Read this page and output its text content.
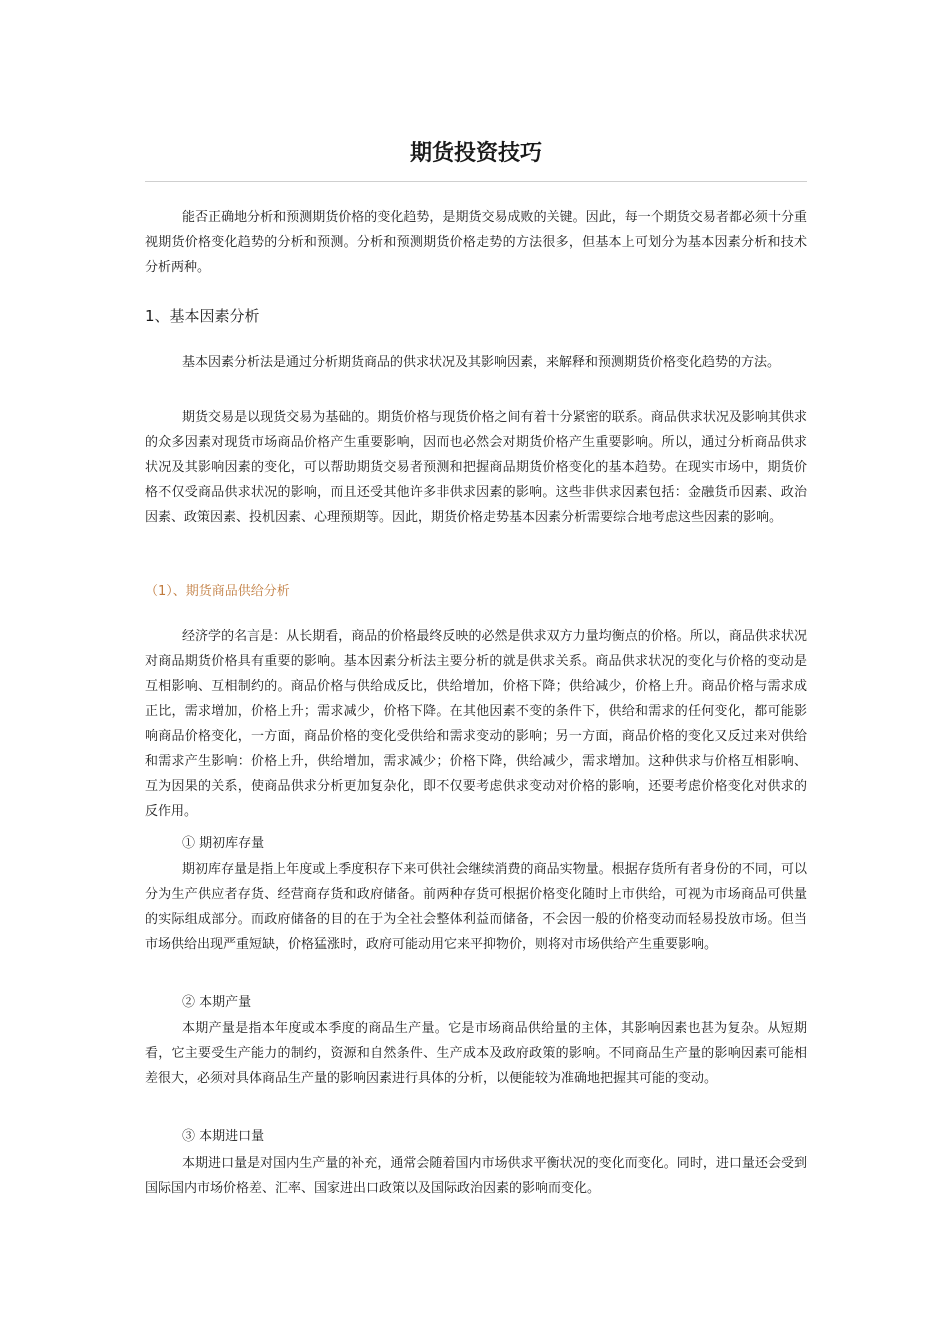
期货投资技巧

能否正确地分析和预测期货价格的变化趋势，是期货交易成败的关键。因此，每一个期货交易者都必须十分重视期货价格变化趋势的分析和预测。分析和预测期货价格走势的方法很多，但基本上可划分为基本因素分析和技术分析两种。

1、基本因素分析

基本因素分析法是通过分析期货商品的供求状况及其影响因素，来解释和预测期货价格变化趋势的方法。

期货交易是以现货交易为基础的。期货价格与现货价格之间有着十分紧密的联系。商品供求状况及影响其供求的众多因素对现货市场商品价格产生重要影响，因而也必然会对期货价格产生重要影响。所以，通过分析商品供求状况及其影响因素的变化，可以帮助期货交易者预测和把握商品期货价格变化的基本趋势。在现实市场中，期货价格不仅受商品供求状况的影响，而且还受其他许多非供求因素的影响。这些非供求因素包括：金融货币因素、政治因素、政策因素、投机因素、心理预期等。因此，期货价格走势基本因素分析需要综合地考虑这些因素的影响。

（1）、期货商品供给分析

经济学的名言是：从长期看，商品的价格最终反映的必然是供求双方力量均衡点的价格。所以，商品供求状况对商品期货价格具有重要的影响。基本因素分析法主要分析的就是供求关系。商品供求状况的变化与价格的变动是互相影响、互相制约的。商品价格与供给成反比，供给增加，价格下降；供给减少，价格上升。商品价格与需求成正比，需求增加，价格上升；需求减少，价格下降。在其他因素不变的条件下，供给和需求的任何变化，都可能影响商品价格变化，一方面，商品价格的变化受供给和需求变动的影响；另一方面，商品价格的变化又反过来对供给和需求产生影响：价格上升，供给增加，需求减少；价格下降，供给减少，需求增加。这种供求与价格互相影响、互为因果的关系，使商品供求分析更加复杂化，即不仅要考虑供求变动对价格的影响，还要考虑价格变化对供求的反作用。

① 期初库存量

期初库存量是指上年度或上季度积存下来可供社会继续消费的商品实物量。根据存货所有者身份的不同，可以分为生产供应者存货、经营商存货和政府储备。前两种存货可根据价格变化随时上市供给，可视为市场商品可供量的实际组成部分。而政府储备的目的在于为全社会整体利益而储备，不会因一般的价格变动而轻易投放市场。但当市场供给出现严重短缺，价格猛涨时，政府可能动用它来平抑物价，则将对市场供给产生重要影响。

② 本期产量

本期产量是指本年度或本季度的商品生产量。它是市场商品供给量的主体，其影响因素也甚为复杂。从短期看，它主要受生产能力的制约，资源和自然条件、生产成本及政府政策的影响。不同商品生产量的影响因素可能相差很大，必须对具体商品生产量的影响因素进行具体的分析，以便能较为准确地把握其可能的变动。

③ 本期进口量

本期进口量是对国内生产量的补充，通常会随着国内市场供求平衡状况的变化而变化。同时，进口量还会受到国际国内市场价格差、汇率、国家进出口政策以及国际政治因素的影响而变化。
